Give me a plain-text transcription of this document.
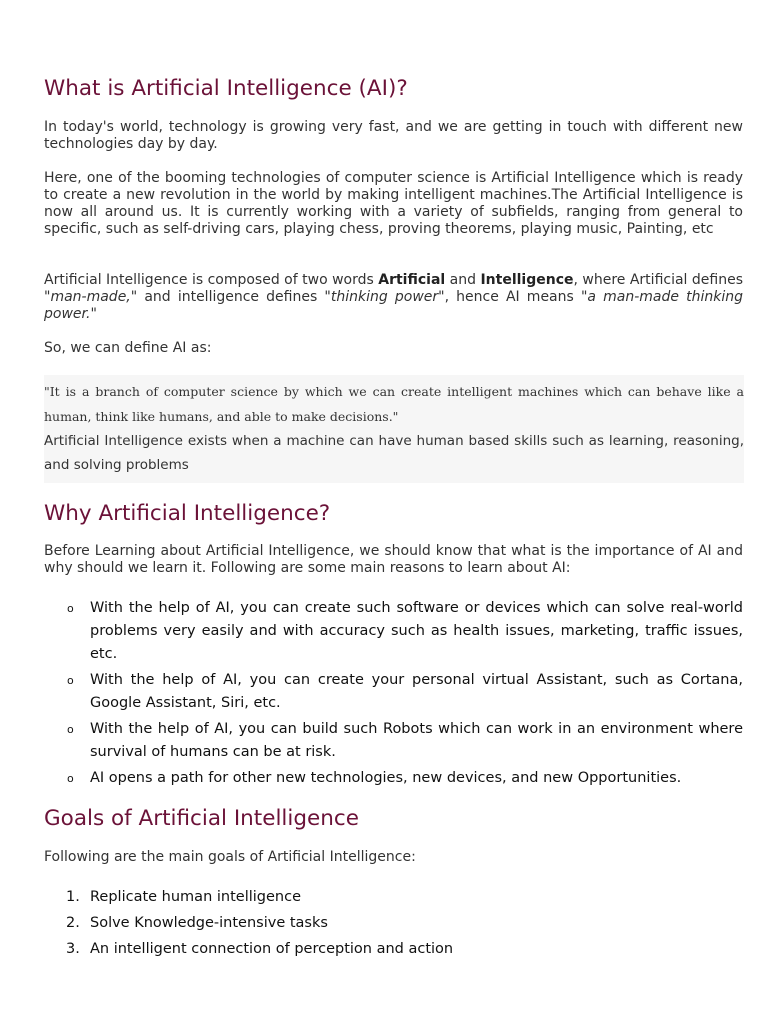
What is Artificial Intelligence (AI)?

In today's world, technology is growing very fast, and we are getting in touch with different new technologies day by day.

Here, one of the booming technologies of computer science is Artificial Intelligence which is ready to create a new revolution in the world by making intelligent machines.The Artificial Intelligence is now all around us. It is currently working with a variety of subfields, ranging from general to specific, such as self-driving cars, playing chess, proving theorems, playing music, Painting, etc

Artificial Intelligence is composed of two words Artificial and Intelligence, where Artificial defines "man-made," and intelligence defines "thinking power", hence AI means "a man-made thinking power."

So, we can define AI as:

"It is a branch of computer science by which we can create intelligent machines which can behave like a human, think like humans, and able to make decisions."

Artificial Intelligence exists when a machine can have human based skills such as learning, reasoning, and solving problems

Why Artificial Intelligence?

Before Learning about Artificial Intelligence, we should know that what is the importance of AI and why should we learn it. Following are some main reasons to learn about AI:

o With the help of AI, you can create such software or devices which can solve real-world problems very easily and with accuracy such as health issues, marketing, traffic issues, etc.
o With the help of AI, you can create your personal virtual Assistant, such as Cortana, Google Assistant, Siri, etc.
o With the help of AI, you can build such Robots which can work in an environment where survival of humans can be at risk.
o AI opens a path for other new technologies, new devices, and new Opportunities.
Goals of Artificial Intelligence

Following are the main goals of Artificial Intelligence:

1. Replicate human intelligence
2. Solve Knowledge-intensive tasks
3. An intelligent connection of perception and action
